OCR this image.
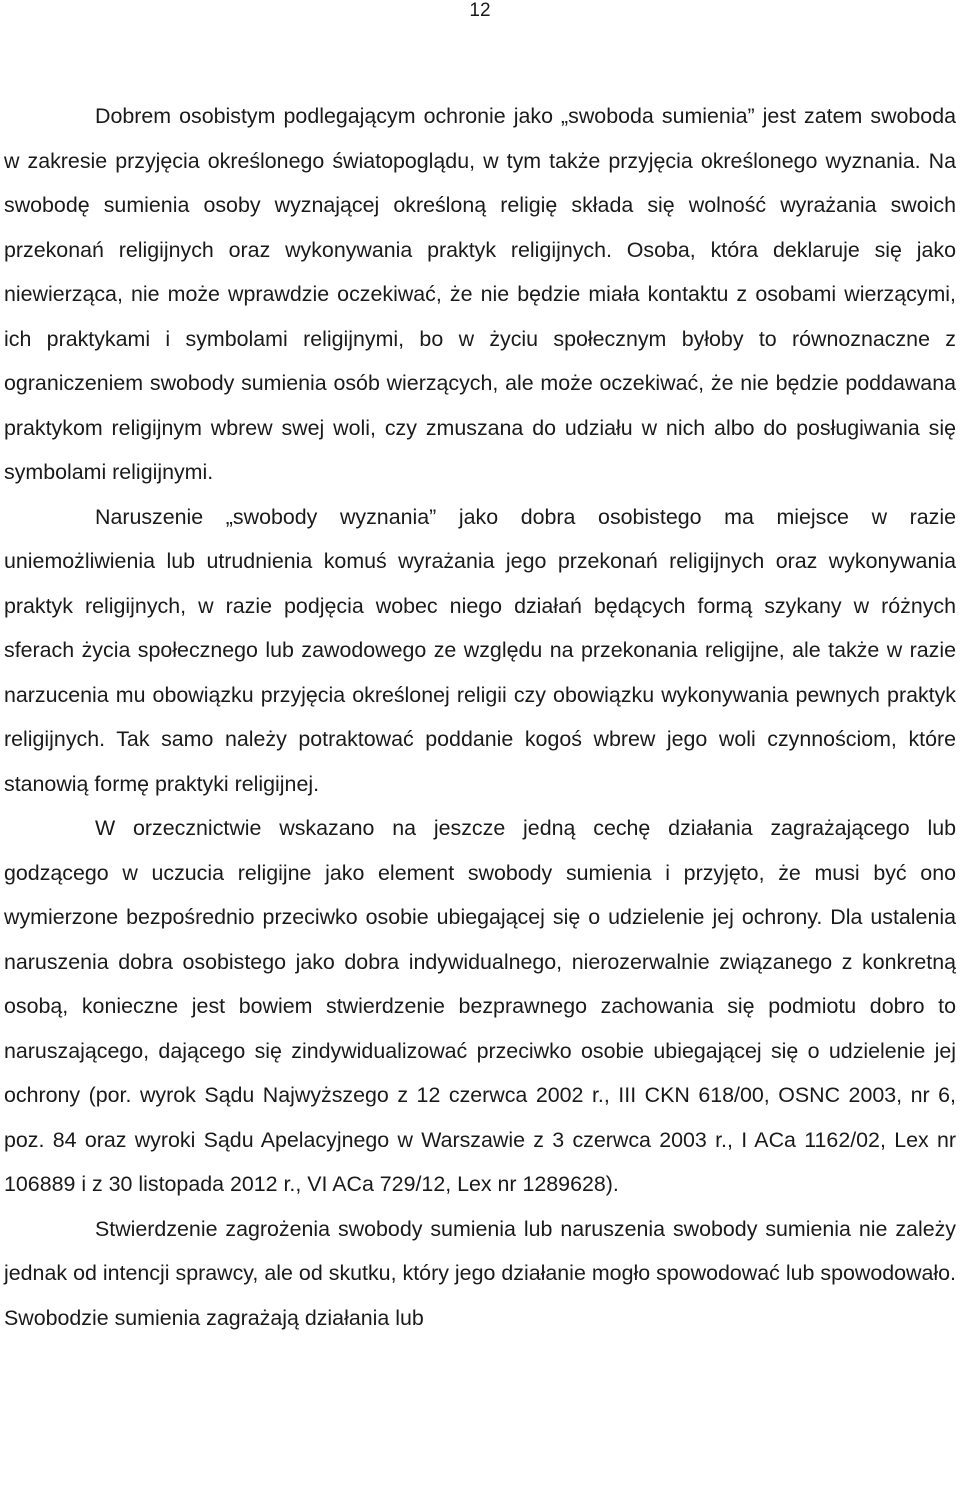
12

Dobrem osobistym podlegającym ochronie jako „swoboda sumienia” jest zatem swoboda w zakresie przyjęcia określonego światopoglądu, w tym także przyjęcia określonego wyznania. Na swobodę sumienia osoby wyznającej określoną religię składa się wolność wyrażania swoich przekonań religijnych oraz wykonywania praktyk religijnych. Osoba, która deklaruje się jako niewierząca, nie może wprawdzie oczekiwać, że nie będzie miała kontaktu z osobami wierzącymi, ich praktykami i symbolami religijnymi, bo w życiu społecznym byłoby to równoznaczne z ograniczeniem swobody sumienia osób wierzących, ale może oczekiwać, że nie będzie poddawana praktykom religijnym wbrew swej woli, czy zmuszana do udziału w nich albo do posługiwania się symbolami religijnymi.

Naruszenie „swobody wyznania” jako dobra osobistego ma miejsce w razie uniemożliwienia lub utrudnienia komuś wyrażania jego przekonań religijnych oraz wykonywania praktyk religijnych, w razie podjęcia wobec niego działań będących formą szykany w różnych sferach życia społecznego lub zawodowego ze względu na przekonania religijne, ale także w razie narzucenia mu obowiązku przyjęcia określonej religii czy obowiązku wykonywania pewnych praktyk religijnych. Tak samo należy potraktować poddanie kogoś wbrew jego woli czynnościom, które stanowią formę praktyki religijnej.

W orzecznictwie wskazano na jeszcze jedną cechę działania zagrażającego lub godzącego w uczucia religijne jako element swobody sumienia i przyjęto, że musi być ono wymierzone bezpośrednio przeciwko osobie ubiegającej się o udzielenie jej ochrony. Dla ustalenia naruszenia dobra osobistego jako dobra indywidualnego, nierozerwalnie związanego z konkretną osobą, konieczne jest bowiem stwierdzenie bezprawnego zachowania się podmiotu dobro to naruszającego, dającego się zindywidualizować przeciwko osobie ubiegającej się o udzielenie jej ochrony (por. wyrok Sądu Najwyższego z 12 czerwca 2002 r., III CKN 618/00, OSNC 2003, nr 6, poz. 84 oraz wyroki Sądu Apelacyjnego w Warszawie z 3 czerwca 2003 r., I ACa 1162/02, Lex nr 106889 i z 30 listopada 2012 r., VI ACa 729/12, Lex nr 1289628).

Stwierdzenie zagrożenia swobody sumienia lub naruszenia swobody sumienia nie zależy jednak od intencji sprawcy, ale od skutku, który jego działanie mogło spowodować lub spowodowało. Swobodzie sumienia zagrażają działania lub
